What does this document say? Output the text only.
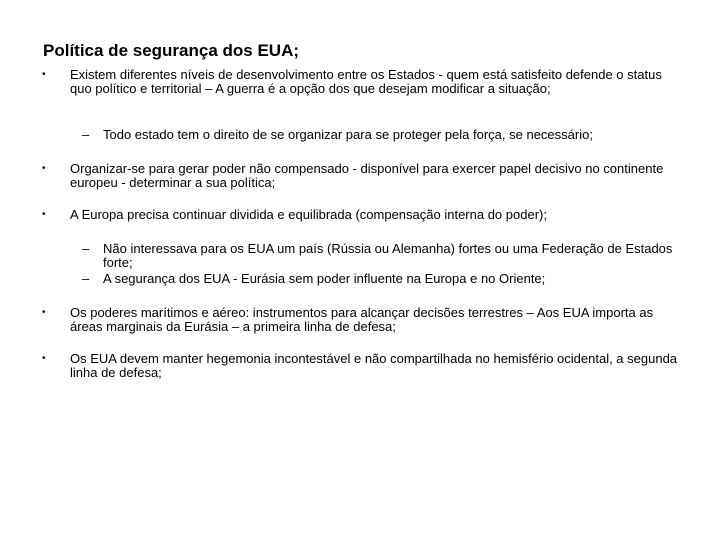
Política de segurança dos EUA;
• Existem diferentes níveis de desenvolvimento entre os Estados - quem está satisfeito defende o status quo político e territorial – A guerra é a opção dos que desejam modificar a situação;
– Todo estado tem o direito de se organizar para se proteger pela força, se necessário;
• Organizar-se para gerar poder não compensado - disponível para exercer papel decisivo no continente europeu - determinar a sua política;
• A Europa precisa continuar dividida e equilibrada (compensação interna do poder);
– Não interessava para os EUA um país (Rússia ou Alemanha) fortes ou uma Federação de Estados forte;
– A segurança dos EUA - Eurásia sem poder influente na Europa e no Oriente;
• Os poderes marítimos e aéreo: instrumentos para alcançar decisões terrestres – Aos EUA importa as áreas marginais da Eurásia – a primeira linha de defesa;
• Os EUA devem manter hegemonia incontestável e não compartilhada no hemisfério ocidental, a segunda linha de defesa;
